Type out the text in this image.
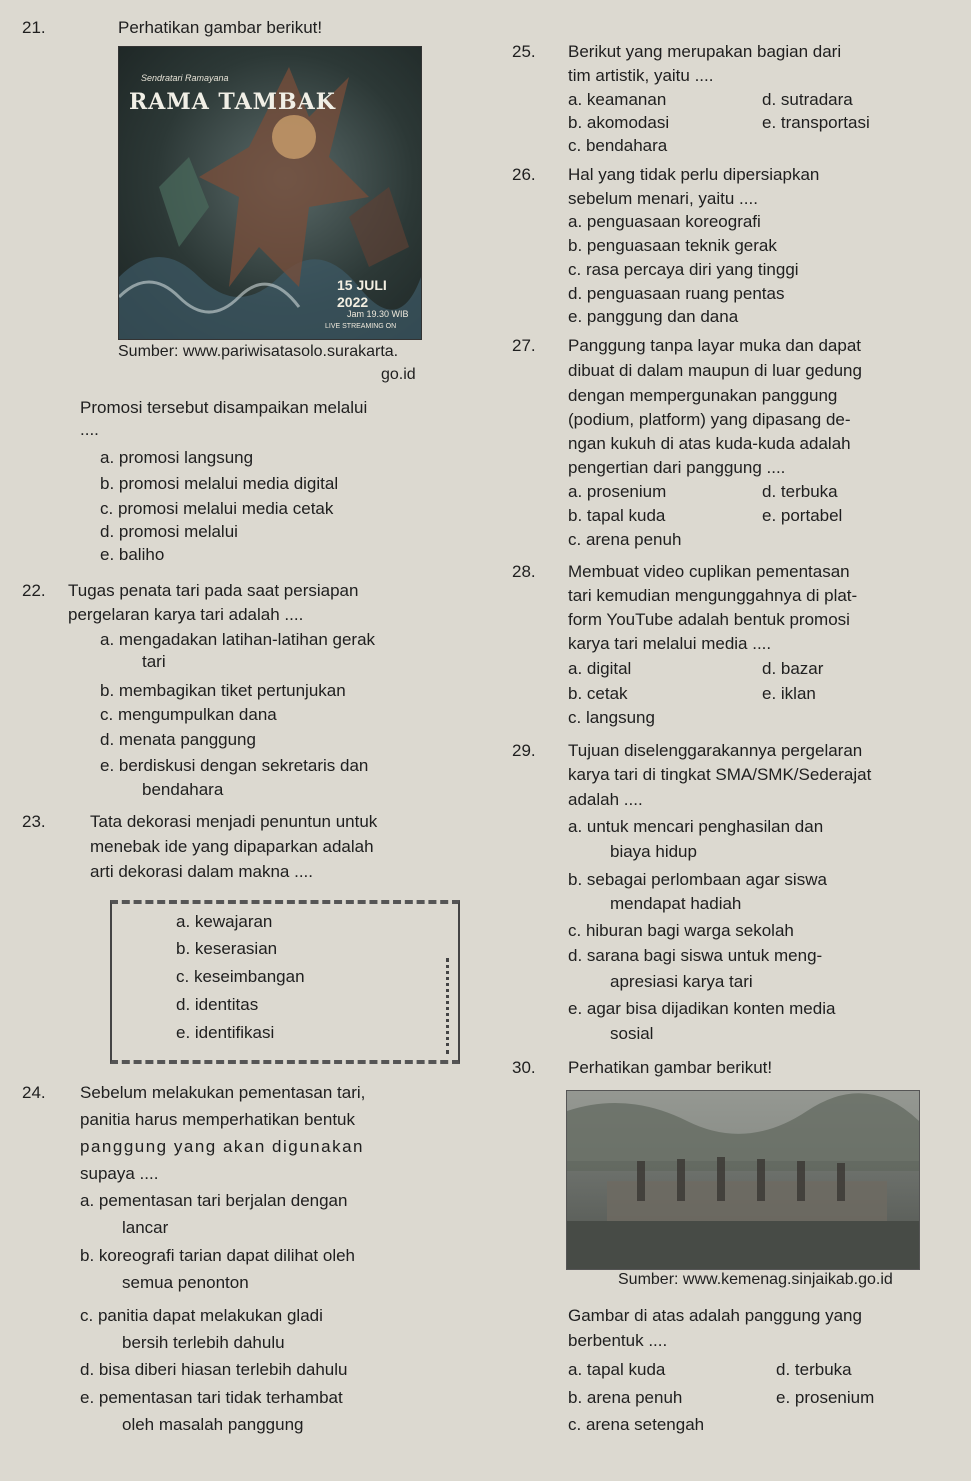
21.	Perhatikan gambar berikut!
Sendratari Ramayana
RAMA TAMBAK
15 JULI 2022
Jam 19.30 WIB
LIVE STREAMING ON
Sumber: www.pariwisatasolo.surakarta.
go.id
Promosi tersebut disampaikan melalui
....
a. promosi langsung
b. promosi melalui media digital
c. promosi melalui media cetak
d. promosi melalui
e. baliho
22. Tugas penata tari pada saat persiapan
pergelaran karya tari adalah ....
a. mengadakan latihan-latihan gerak
tari
b. membagikan tiket pertunjukan
c. mengumpulkan dana
d. menata panggung
e. berdiskusi dengan sekretaris dan
bendahara
23.	Tata dekorasi menjadi penuntun untuk
menebak ide yang dipaparkan adalah
arti dekorasi dalam makna ....
a. kewajaran
b. keserasian
c. keseimbangan
d. identitas
e. identifikasi
24. Sebelum melakukan pementasan tari,
panitia harus memperhatikan bentuk
panggung yang akan digunakan
supaya ....
a. pementasan tari berjalan dengan
lancar
b. koreografi tarian dapat dilihat oleh
semua penonton
c. panitia dapat melakukan gladi
bersih terlebih dahulu
d. bisa diberi hiasan terlebih dahulu
e. pementasan tari tidak terhambat
oleh masalah panggung
25. Berikut yang merupakan bagian dari
tim artistik, yaitu ....
a. keamanan	d. sutradara
b. akomodasi	e. transportasi
c. bendahara
26. Hal yang tidak perlu dipersiapkan
sebelum menari, yaitu ....
a. penguasaan koreografi
b. penguasaan teknik gerak
c. rasa percaya diri yang tinggi
d. penguasaan ruang pentas
e. panggung dan dana
27. Panggung tanpa layar muka dan dapat
dibuat di dalam maupun di luar gedung
dengan mempergunakan panggung
(podium, platform) yang dipasang de-
ngan kukuh di atas kuda-kuda adalah
pengertian dari panggung ....
a. prosenium	d. terbuka
b. tapal kuda	e. portabel
c. arena penuh
28. Membuat video cuplikan pementasan
tari kemudian mengunggahnya di plat-
form YouTube adalah bentuk promosi
karya tari melalui media ....
a. digital	d. bazar
b. cetak	e. iklan
c. langsung
29. Tujuan diselenggarakannya pergelaran
karya tari di tingkat SMA/SMK/Sederajat
adalah ....
a. untuk mencari penghasilan dan
biaya hidup
b. sebagai perlombaan agar siswa
mendapat hadiah
c. hiburan bagi warga sekolah
d. sarana bagi siswa untuk meng-
apresiasi karya tari
e. agar bisa dijadikan konten media
sosial
30. Perhatikan gambar berikut!
Sumber: www.kemenag.sinjaikab.go.id
Gambar di atas adalah panggung yang
berbentuk ....
a. tapal kuda	d. terbuka
b. arena penuh	e. prosenium
c. arena setengah
